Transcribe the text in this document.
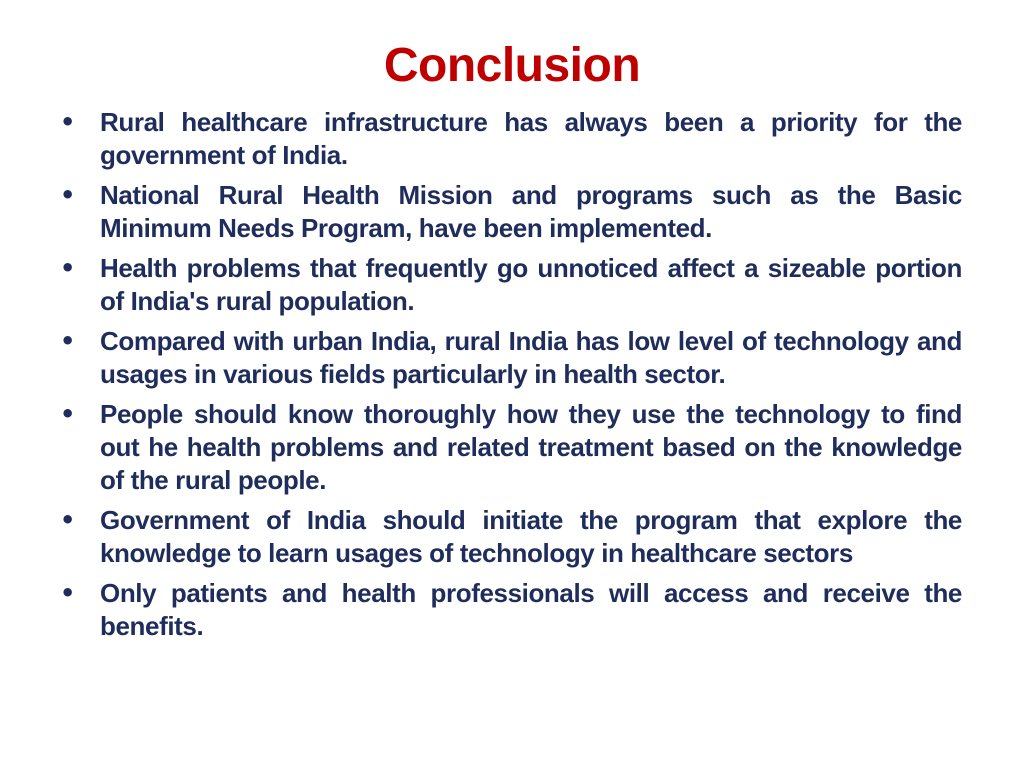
Conclusion
• Rural healthcare infrastructure has always been a priority for the government of India.
• National Rural Health Mission and programs such as the Basic Minimum Needs Program, have been implemented.
• Health problems that frequently go unnoticed affect a sizeable portion of India's rural population.
• Compared with urban India, rural India has low level of technology and usages in various fields particularly in health sector.
• People should know thoroughly how they use the technology to find out he health problems and related treatment based on the knowledge of the rural people.
• Government of India should initiate the program that explore the knowledge to learn usages of technology in healthcare sectors
• Only patients and health professionals will access and receive the benefits.
